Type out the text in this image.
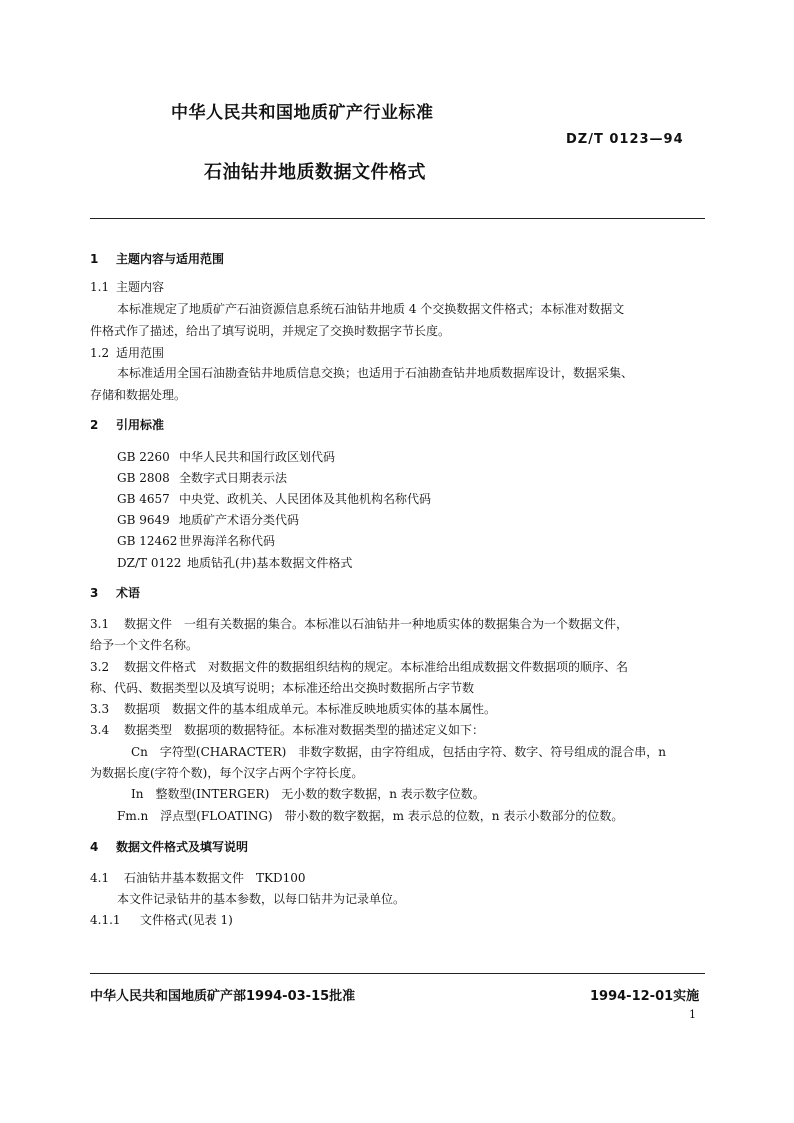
中华人民共和国地质矿产行业标准
DZ/T 0123—94
石油钻井地质数据文件格式
1 主题内容与适用范围
1.1 主题内容
本标准规定了地质矿产石油资源信息系统石油钻井地质 4 个交换数据文件格式；本标准对数据文
件格式作了描述，给出了填写说明，并规定了交换时数据字节长度。
1.2 适用范围
本标准适用全国石油勘查钻井地质信息交换；也适用于石油勘查钻井地质数据库设计，数据采集、
存储和数据处理。
2 引用标准
GB 2260 中华人民共和国行政区划代码
GB 2808 全数字式日期表示法
GB 4657 中央党、政机关、人民团体及其他机构名称代码
GB 9649 地质矿产术语分类代码
GB 12462 世界海洋名称代码
DZ/T 0122 地质钻孔(井)基本数据文件格式
3 术语
3.1 数据文件 一组有关数据的集合。本标准以石油钻井一种地质实体的数据集合为一个数据文件，
给予一个文件名称。
3.2 数据文件格式 对数据文件的数据组织结构的规定。本标准给出组成数据文件数据项的顺序、名
称、代码、数据类型以及填写说明；本标准还给出交换时数据所占字节数
3.3 数据项 数据文件的基本组成单元。本标准反映地质实体的基本属性。
3.4 数据类型 数据项的数据特征。本标准对数据类型的描述定义如下：
Cn 字符型(CHARACTER) 非数字数据，由字符组成，包括由字符、数字、符号组成的混合串，n
为数据长度(字符个数)，每个汉字占两个字符长度。
In 整数型(INTERGER) 无小数的数字数据，n 表示数字位数。
Fm.n 浮点型(FLOATING) 带小数的数字数据，m 表示总的位数，n 表示小数部分的位数。
4 数据文件格式及填写说明
4.1 石油钻井基本数据文件 TKD100
本文件记录钻井的基本参数，以每口钻井为记录单位。
4.1.1 文件格式(见表 1)
中华人民共和国地质矿产部1994-03-15批准	1994-12-01实施
1
